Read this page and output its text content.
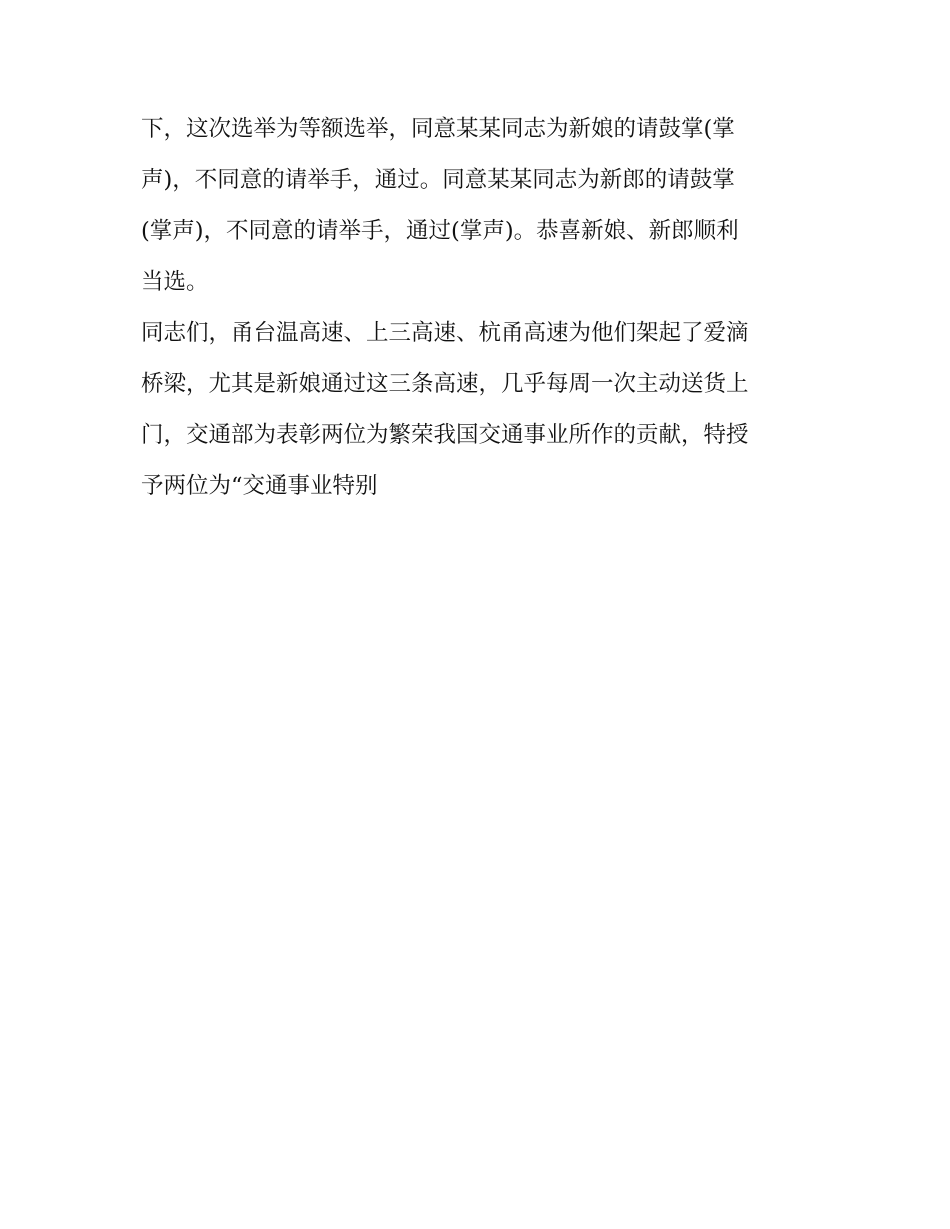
下，这次选举为等额选举，同意某某同志为新娘的请鼓掌(掌
声)，不同意的请举手，通过。同意某某同志为新郎的请鼓掌
(掌声)，不同意的请举手，通过(掌声)。恭喜新娘、新郎顺利
当选。
同志们，甬台温高速、上三高速、杭甬高速为他们架起了爱滴
桥梁，尤其是新娘通过这三条高速，几乎每周一次主动送货上
门，交通部为表彰两位为繁荣我国交通事业所作的贡献，特授
予两位为“交通事业特别
